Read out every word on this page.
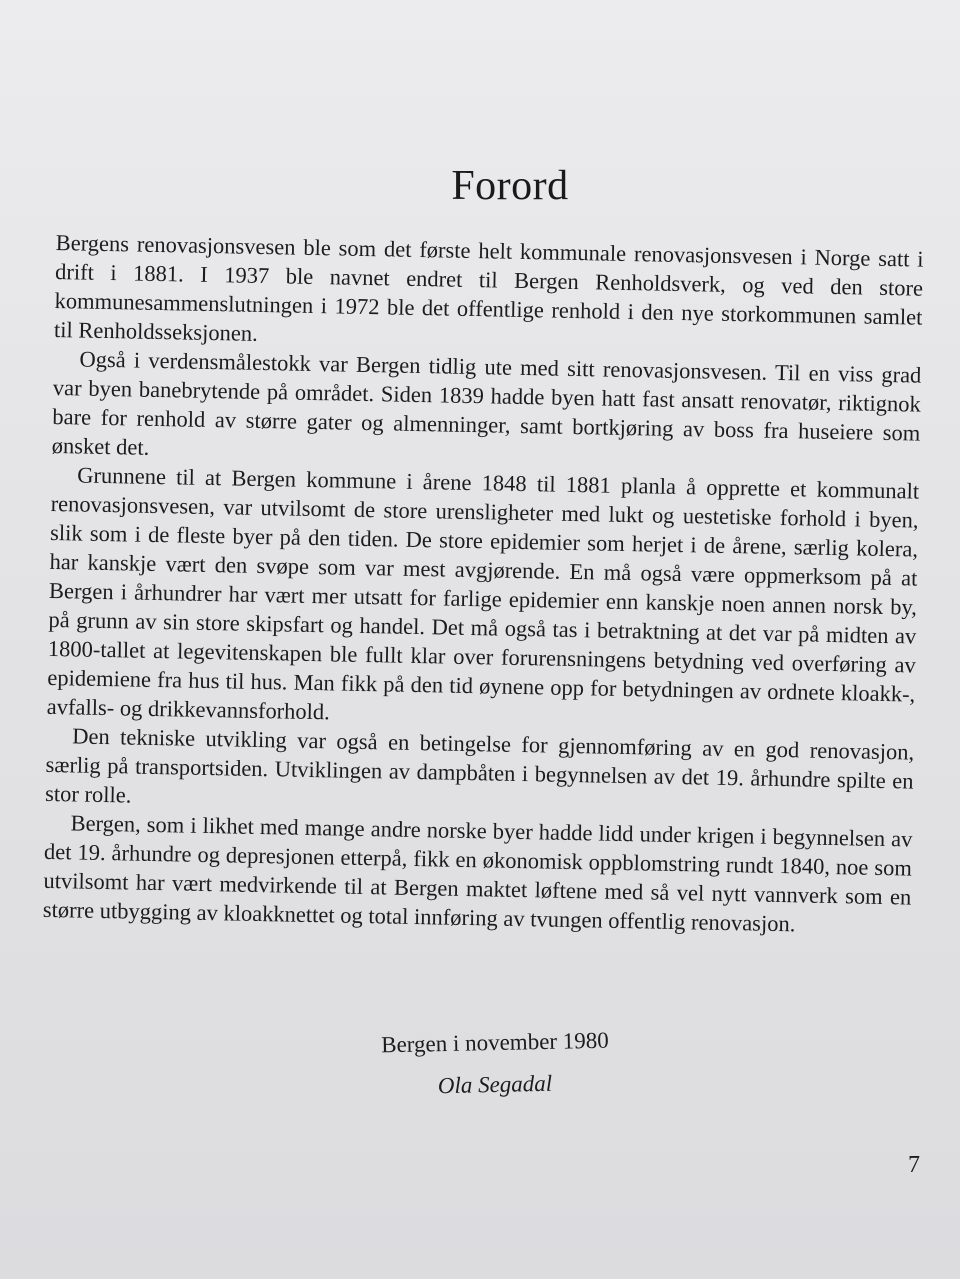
Forord

Bergens renovasjonsvesen ble som det første helt kommunale renovasjonsvesen i Norge satt i drift i 1881. I 1937 ble navnet endret til Bergen Renholdsverk, og ved den store kommunesammenslutningen i 1972 ble det offentlige renhold i den nye storkommunen samlet til Renholdsseksjonen.

Også i verdensmålestokk var Bergen tidlig ute med sitt renovasjonsvesen. Til en viss grad var byen banebrytende på området. Siden 1839 hadde byen hatt fast ansatt renovatør, riktignok bare for renhold av større gater og almenninger, samt bortkjøring av boss fra huseiere som ønsket det.

Grunnene til at Bergen kommune i årene 1848 til 1881 planla å opprette et kommunalt renovasjonsvesen, var utvilsomt de store urensligheter med lukt og uestetiske forhold i byen, slik som i de fleste byer på den tiden. De store epidemier som herjet i de årene, særlig kolera, har kanskje vært den svøpe som var mest avgjørende. En må også være oppmerksom på at Bergen i århundrer har vært mer utsatt for farlige epidemier enn kanskje noen annen norsk by, på grunn av sin store skipsfart og handel. Det må også tas i betraktning at det var på midten av 1800-tallet at legevitenskapen ble fullt klar over forurensningens betydning ved overføring av epidemiene fra hus til hus. Man fikk på den tid øynene opp for betydningen av ordnete kloakk-, avfalls- og drikkevannsforhold.

Den tekniske utvikling var også en betingelse for gjennomføring av en god renovasjon, særlig på transportsiden. Utviklingen av dampbåten i begynnelsen av det 19. århundre spilte en stor rolle.

Bergen, som i likhet med mange andre norske byer hadde lidd under krigen i begynnelsen av det 19. århundre og depresjonen etterpå, fikk en økonomisk oppblomstring rundt 1840, noe som utvilsomt har vært medvirkende til at Bergen maktet løftene med så vel nytt vannverk som en større utbygging av kloakknettet og total innføring av tvungen offentlig renovasjon.

Bergen i november 1980

Ola Segadal

7
